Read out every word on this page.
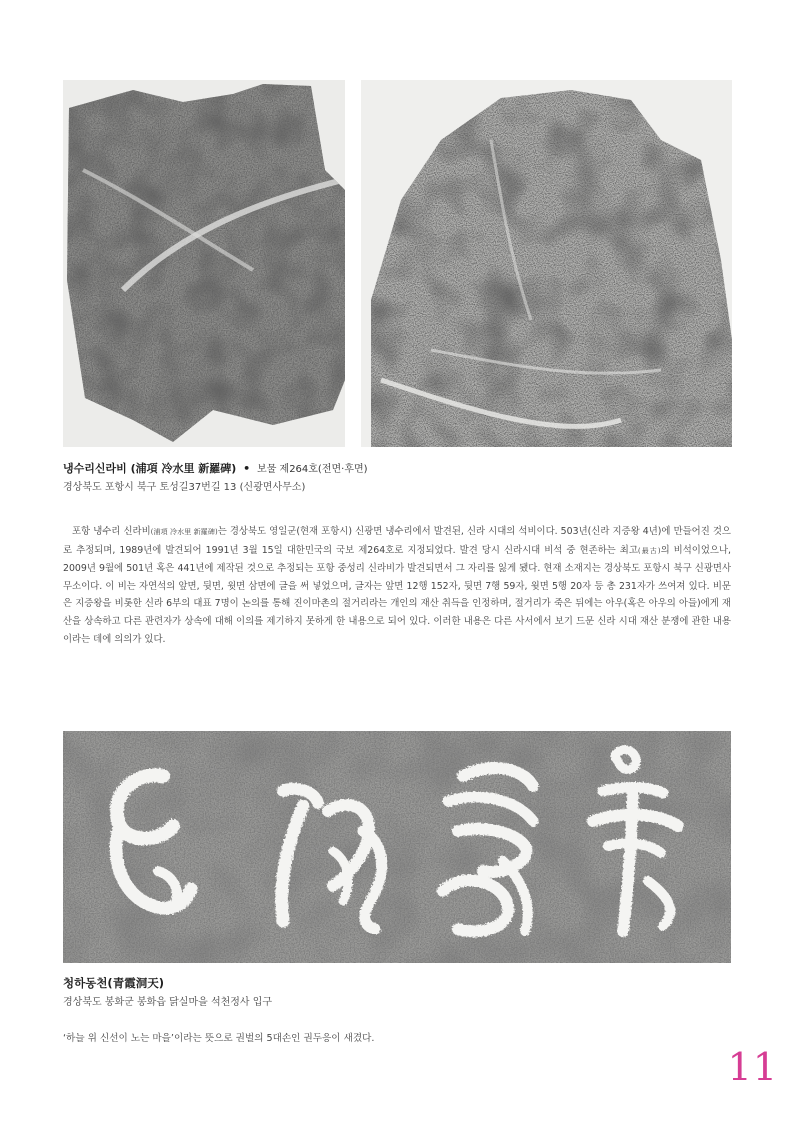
냉수리신라비 (浦項 冷水里 新羅碑) • 보물 제264호(전면·후면)
경상북도 포항시 북구 토성길37번길 13 (신광면사무소)

포항 냉수리 신라비(浦項 冷水里 新羅碑)는 경상북도 영일군(현재 포항시) 신광면 냉수리에서 발견된, 신라 시대의 석비이다. 503년(신라 지증왕 4년)에 만들어진 것으로 추정되며, 1989년에 발견되어 1991년 3월 15일 대한민국의 국보 제264호로 지정되었다. 발견 당시 신라시대 비석 중 현존하는 최고(最古)의 비석이었으나, 2009년 9월에 501년 혹은 441년에 제작된 것으로 추정되는 포항 중성리 신라비가 발견되면서 그 자리를 잃게 됐다. 현재 소재지는 경상북도 포항시 북구 신광면사무소이다. 이 비는 자연석의 앞면, 뒷면, 윗면 삼면에 글을 써 넣었으며, 글자는 앞면 12행 152자, 뒷면 7행 59자, 윗면 5행 20자 등 총 231자가 쓰여져 있다. 비문은 지증왕을 비롯한 신라 6부의 대표 7명이 논의를 통해 진이마촌의 절거리라는 개인의 재산 취득을 인정하며, 절거리가 죽은 뒤에는 아우(혹은 아우의 아들)에게 재산을 상속하고 다른 관련자가 상속에 대해 이의를 제기하지 못하게 한 내용으로 되어 있다. 이러한 내용은 다른 사서에서 보기 드문 신라 시대 재산 분쟁에 관한 내용이라는 데에 의의가 있다.

청하동천(青霞洞天)
경상북도 봉화군 봉화읍 닭실마을 석천정사 입구
‘하늘 위 신선이 노는 마을’이라는 뜻으로 권벌의 5대손인 권두응이 새겼다.
11
